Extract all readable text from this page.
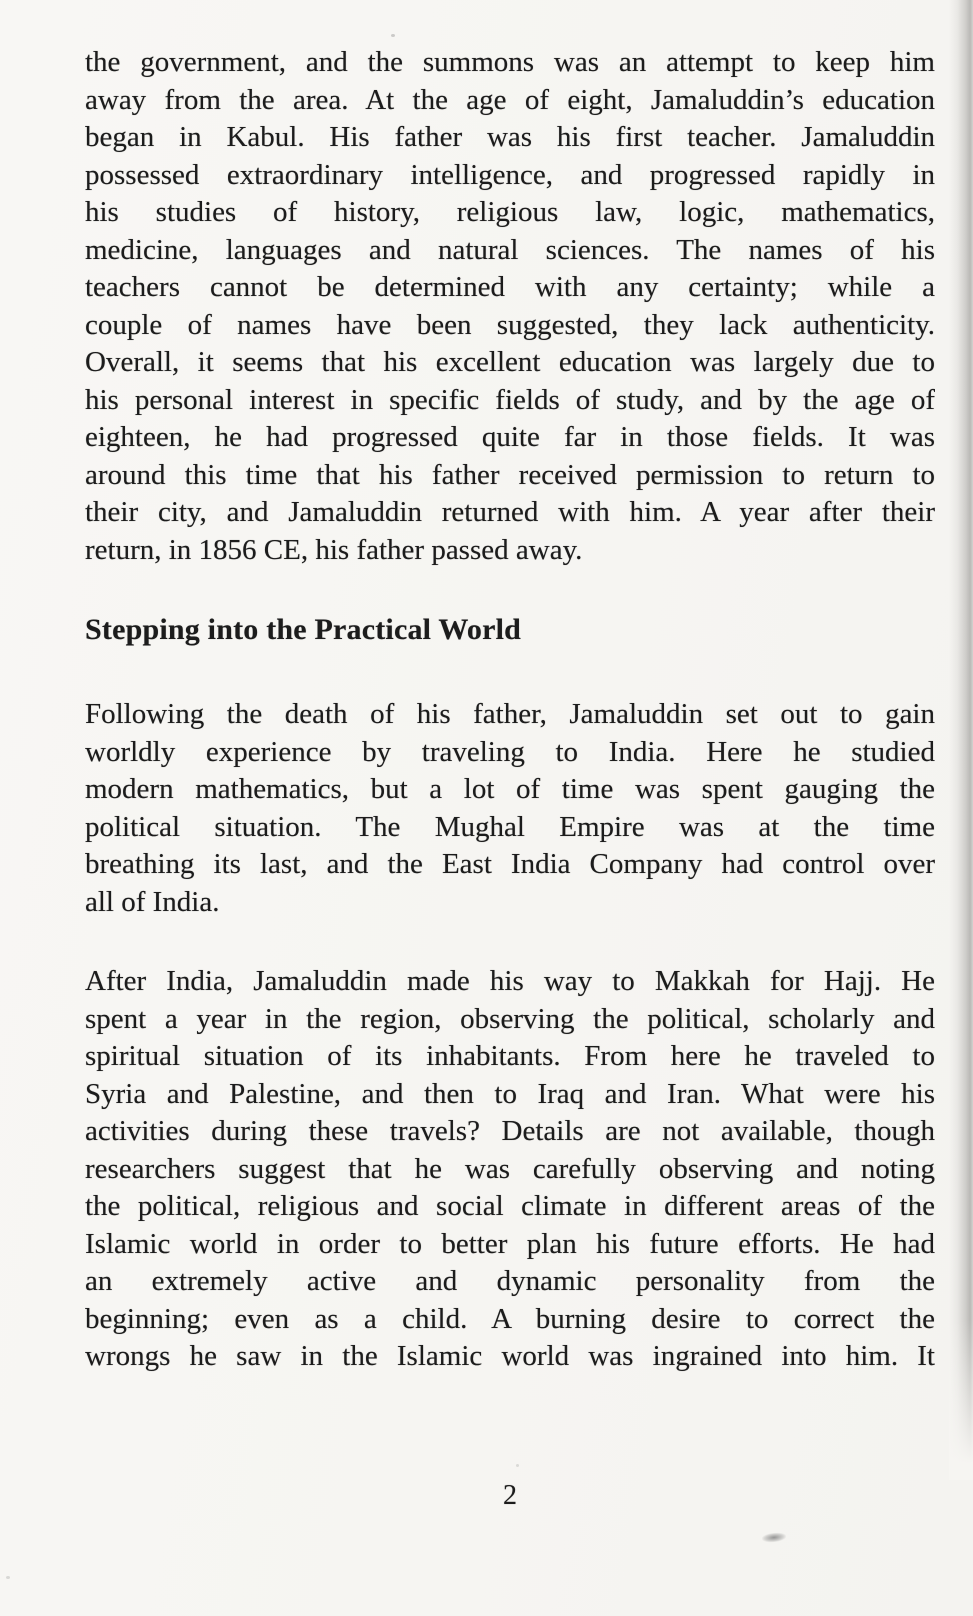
the government, and the summons was an attempt to keep him
away from the area. At the age of eight, Jamaluddin’s education
began in Kabul. His father was his first teacher. Jamaluddin
possessed extraordinary intelligence, and progressed rapidly in
his studies of history, religious law, logic, mathematics,
medicine, languages and natural sciences. The names of his
teachers cannot be determined with any certainty; while a
couple of names have been suggested, they lack authenticity.
Overall, it seems that his excellent education was largely due to
his personal interest in specific fields of study, and by the age of
eighteen, he had progressed quite far in those fields. It was
around this time that his father received permission to return to
their city, and Jamaluddin returned with him. A year after their
return, in 1856 CE, his father passed away.
Stepping into the Practical World
Following the death of his father, Jamaluddin set out to gain
worldly experience by traveling to India. Here he studied
modern mathematics, but a lot of time was spent gauging the
political situation. The Mughal Empire was at the time
breathing its last, and the East India Company had control over
all of India.
After India, Jamaluddin made his way to Makkah for Hajj. He
spent a year in the region, observing the political, scholarly and
spiritual situation of its inhabitants. From here he traveled to
Syria and Palestine, and then to Iraq and Iran. What were his
activities during these travels? Details are not available, though
researchers suggest that he was carefully observing and noting
the political, religious and social climate in different areas of the
Islamic world in order to better plan his future efforts. He had
an extremely active and dynamic personality from the
beginning; even as a child. A burning desire to correct the
wrongs he saw in the Islamic world was ingrained into him. It
2
